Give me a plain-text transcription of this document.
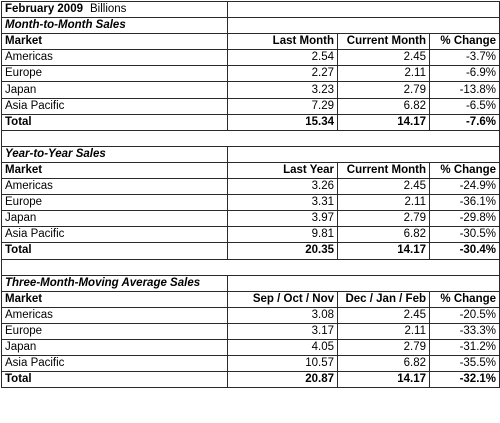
February 2009 Billions			
Month-to-Month Sales			
Market	Last Month	Current Month	% Change
Americas	2.54	2.45	-3.7%
Europe	2.27	2.11	-6.9%
Japan	3.23	2.79	-13.8%
Asia Pacific	7.29	6.82	-6.5%
Total	15.34	14.17	-7.6%

Year-to-Year Sales			
Market	Last Year	Current Month	% Change
Americas	3.26	2.45	-24.9%
Europe	3.31	2.11	-36.1%
Japan	3.97	2.79	-29.8%
Asia Pacific	9.81	6.82	-30.5%
Total	20.35	14.17	-30.4%

Three-Month-Moving Average Sales			
Market	Sep / Oct / Nov	Dec / Jan / Feb	% Change
Americas	3.08	2.45	-20.5%
Europe	3.17	2.11	-33.3%
Japan	4.05	2.79	-31.2%
Asia Pacific	10.57	6.82	-35.5%
Total	20.87	14.17	-32.1%
